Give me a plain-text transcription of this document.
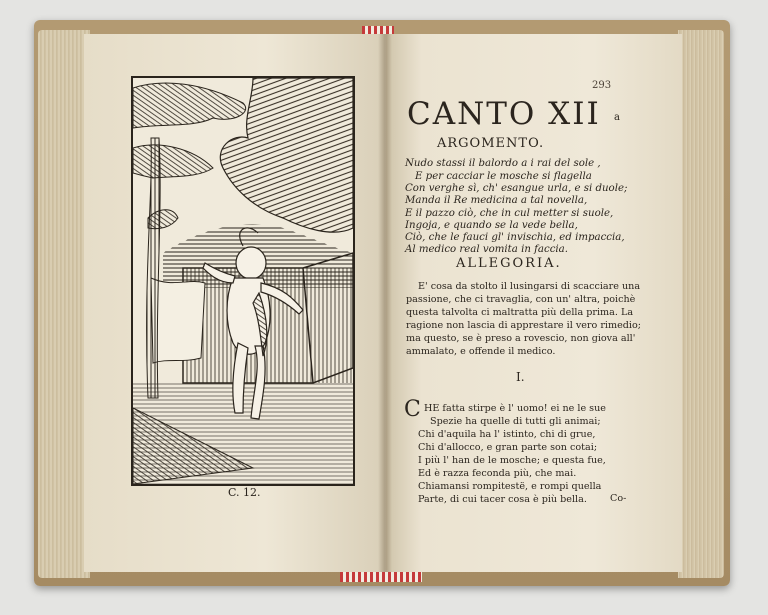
C. 12.
293
CANTO XII a
ARGOMENTO.
Nudo stassi il balordo a i rai del sole ,
E per cacciar le mosche si flagella
Con verghe sì, ch' esangue urla, e si duole;
Manda il Re medicina a tal novella,
E il pazzo ciò, che in cul metter si suole,
Ingoja, e quando se la vede bella,
Ciò, che le fauci gl' invischia, ed impaccia,
Al medico real vomita in faccia.
ALLEGORIA.
E' cosa da stolto il lusingarsi di scacciare una
passione, che ci travaglia, con un' altra, poichè
questa talvolta ci maltratta più della prima. La
ragione non lascia di apprestare il vero rimedio;
ma questo, se è preso a rovescio, non giova all'
ammalato, e offende il medico.
I.
C HE fatta stirpe è l' uomo! ei ne le sue
Spezie ha quelle di tutti gli animai;
Chi d'aquila ha l' istinto, chi di grue,
Chi d'allocco, e gran parte son cotai;
I più l' han de le mosche; e questa fue,
Ed è razza feconda più, che mai.
Chiamansi rompitestë, e rompi quella
Parte, di cui tacer cosa è più bella. Co-
